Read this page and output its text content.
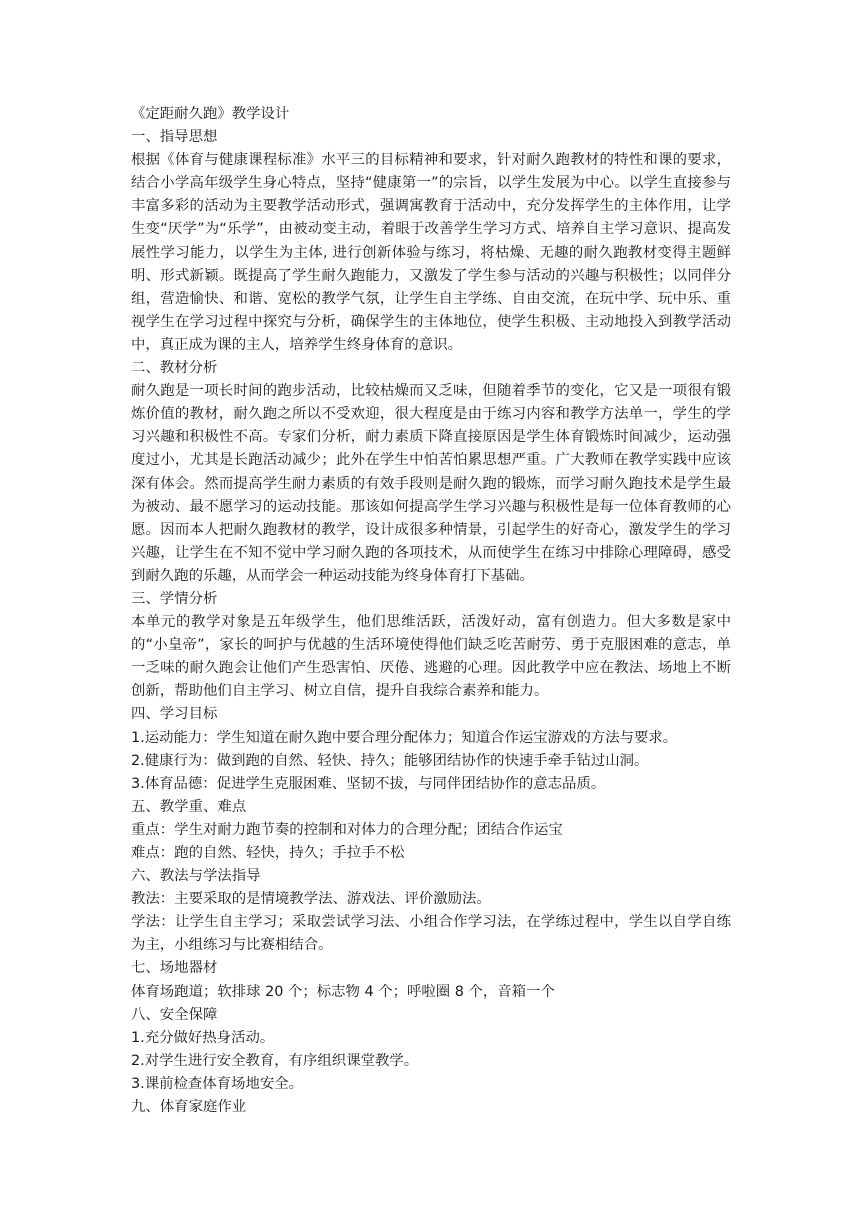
《定距耐久跑》教学设计
一、指导思想
根据《体育与健康课程标准》水平三的目标精神和要求，针对耐久跑教材的特性和课的要求，结合小学高年级学生身心特点，坚持“健康第一”的宗旨，以学生发展为中心。以学生直接参与丰富多彩的活动为主要教学活动形式，强调寓教育于活动中，充分发挥学生的主体作用，让学生变“厌学”为“乐学”，由被动变主动，着眼于改善学生学习方式、培养自主学习意识、提高发展性学习能力，以学生为主体, 进行创新体验与练习，将枯燥、无趣的耐久跑教材变得主题鲜明、形式新颖。既提高了学生耐久跑能力，又激发了学生参与活动的兴趣与积极性；以同伴分组，营造愉快、和谐、宽松的教学气氛，让学生自主学练、自由交流，在玩中学、玩中乐、重视学生在学习过程中探究与分析，确保学生的主体地位，使学生积极、主动地投入到教学活动中，真正成为课的主人，培养学生终身体育的意识。
二、教材分析
耐久跑是一项长时间的跑步活动，比较枯燥而又乏味，但随着季节的变化，它又是一项很有锻炼价值的教材，耐久跑之所以不受欢迎，很大程度是由于练习内容和教学方法单一，学生的学习兴趣和积极性不高。专家们分析，耐力素质下降直接原因是学生体育锻炼时间减少，运动强度过小，尤其是长跑活动减少；此外在学生中怕苦怕累思想严重。广大教师在教学实践中应该深有体会。然而提高学生耐力素质的有效手段则是耐久跑的锻炼，而学习耐久跑技术是学生最为被动、最不愿学习的运动技能。那该如何提高学生学习兴趣与积极性是每一位体育教师的心愿。因而本人把耐久跑教材的教学，设计成很多种情景，引起学生的好奇心，激发学生的学习兴趣，让学生在不知不觉中学习耐久跑的各项技术，从而使学生在练习中排除心理障碍，感受到耐久跑的乐趣，从而学会一种运动技能为终身体育打下基础。
三、学情分析
本单元的教学对象是五年级学生，他们思维活跃，活泼好动，富有创造力。但大多数是家中的“小皇帝”，家长的呵护与优越的生活环境使得他们缺乏吃苦耐劳、勇于克服困难的意志，单一乏味的耐久跑会让他们产生恐害怕、厌倦、逃避的心理。因此教学中应在教法、场地上不断创新，帮助他们自主学习、树立自信，提升自我综合素养和能力。
四、学习目标
1.运动能力：学生知道在耐久跑中要合理分配体力；知道合作运宝游戏的方法与要求。
2.健康行为：做到跑的自然、轻快、持久；能够团结协作的快速手牵手钻过山洞。
3.体育品德：促进学生克服困难、坚韧不拔，与同伴团结协作的意志品质。
五、教学重、难点
重点：学生对耐力跑节奏的控制和对体力的合理分配；团结合作运宝
难点：跑的自然、轻快，持久；手拉手不松
六、教法与学法指导
教法：主要采取的是情境教学法、游戏法、评价激励法。
学法：让学生自主学习；采取尝试学习法、小组合作学习法，在学练过程中，学生以自学自练为主，小组练习与比赛相结合。
七、场地器材
体育场跑道；软排球 20 个；标志物 4 个；呼啦圈 8 个，音箱一个
八、安全保障
1.充分做好热身活动。
2.对学生进行安全教育，有序组织课堂教学。
3.课前检查体育场地安全。
九、体育家庭作业
